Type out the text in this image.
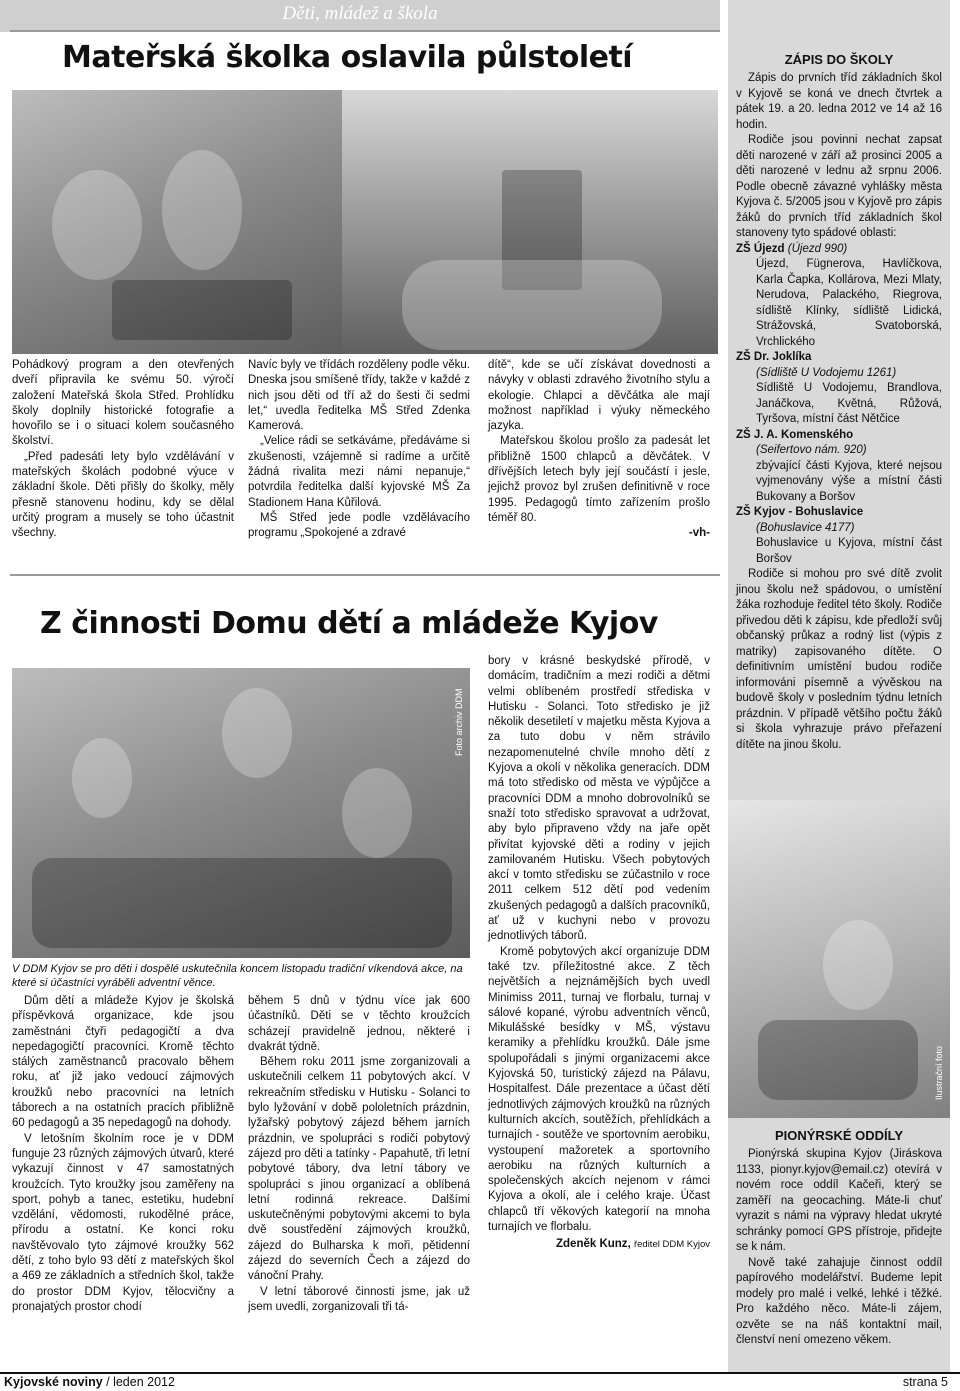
Děti, mládež a škola
Mateřská školka oslavila půlstoletí

Pohádkový program a den otevřených dveří připravila ke svému 50. výročí založení Mateřská škola Střed. Prohlídku školy doplnily historické fotografie a hovořilo se i o situaci kolem současného školství.

„Před padesáti lety bylo vzdělávání v mateřských školách podobné výuce v základní škole. Děti přišly do školky, měly přesně stanovenu hodinu, kdy se dělal určitý program a musely se toho účastnit všechny.

Navíc byly ve třídách rozděleny podle věku. Dneska jsou smíšené třídy, takže v každé z nich jsou děti od tří až do šesti či sedmi let,“ uvedla ředitelka MŠ Střed Zdenka Kamerová.

„Velice rádi se setkáváme, předáváme si zkušenosti, vzájemně si radíme a určitě žádná rivalita mezi námi nepanuje,“ potvrdila ředitelka další kyjovské MŠ Za Stadionem Hana Kůřilová.

MŠ Střed jede podle vzdělávacího programu „Spokojené a zdravé

dítě“, kde se učí získávat dovednosti a návyky v oblasti zdravého životního stylu a ekologie. Chlapci a děvčátka ale mají možnost například i výuky německého jazyka.

Mateřskou školou prošlo za padesát let přibližně 1500 chlapců a děvčátek. V dřívějších letech byly její součástí i jesle, jejichž provoz byl zrušen definitivně v roce 1995. Pedagogů tímto zařízením prošlo téměř 80.

-vh-
Z činnosti Domu dětí a mládeže Kyjov
Foto archiv DDM
V DDM Kyjov se pro děti i dospělé uskutečnila koncem listopadu tradiční víkendová akce, na které si účastníci vyráběli adventní věnce.

Dům dětí a mládeže Kyjov je školská příspěvková organizace, kde jsou zaměstnáni čtyři pedagogičtí a dva nepedagogičtí pracovníci. Kromě těchto stálých zaměstnanců pracovalo během roku, ať již jako vedoucí zájmových kroužků nebo pracovníci na letních táborech a na ostatních pracích přibližně 60 pedagogů a 35 nepedagogů na dohody.

V letošním školním roce je v DDM funguje 23 různých zájmových útvarů, které vykazují činnost v 47 samostatných kroužcích. Tyto kroužky jsou zaměřeny na sport, pohyb a tanec, estetiku, hudební vzdělání, vědomosti, rukodělné práce, přírodu a ostatní. Ke konci roku navštěvovalo tyto zájmové kroužky 562 dětí, z toho bylo 93 dětí z mateřských škol a 469 ze základních a středních škol, takže do prostor DDM Kyjov, tělocvičny a pronajatých prostor chodí

během 5 dnů v týdnu více jak 600 účastníků. Děti se v těchto kroužcích scházejí pravidelně jednou, některé i dvakrát týdně.

Během roku 2011 jsme zorganizovali a uskutečnili celkem 11 pobytových akcí. V rekreačním středisku v Hutisku - Solanci to bylo lyžování v době pololetních prázdnin, lyžařský pobytový zájezd během jarních prázdnin, ve spolupráci s rodiči pobytový zájezd pro děti a tatínky - Papahutě, tři letní pobytové tábory, dva letní tábory ve spolupráci s jinou organizací a oblíbená letní rodinná rekreace. Dalšími uskutečněnými pobytovými akcemi to byla dvě soustředění zájmových kroužků, zájezd do Bulharska k moři, pětidenní zájezd do severních Čech a zájezd do vánoční Prahy.

V letní táborové činnosti jsme, jak už jsem uvedli, zorganizovali tři tá-

bory v krásné beskydské přírodě, v domácím, tradičním a mezi rodiči a dětmi velmi oblíbeném prostředí střediska v Hutisku - Solanci. Toto středisko je již několik desetiletí v majetku města Kyjova a za tuto dobu v něm strávilo nezapomenutelné chvíle mnoho dětí z Kyjova a okolí v několika generacích. DDM má toto středisko od města ve výpůjčce a pracovníci DDM a mnoho dobrovolníků se snaží toto středisko spravovat a udržovat, aby bylo připraveno vždy na jaře opět přivítat kyjovské děti a rodiny v jejich zamilovaném Hutisku. Všech pobytových akcí v tomto středisku se zúčastnilo v roce 2011 celkem 512 dětí pod vedením zkušených pedagogů a dalších pracovníků, ať už v kuchyni nebo v provozu jednotlivých táborů.

Kromě pobytových akcí organizuje DDM také tzv. příležitostné akce. Z těch největších a nejznámějších bych uvedl Minimiss 2011, turnaj ve florbalu, turnaj v sálové kopané, výrobu adventních věnců, Mikulášské besídky v MŠ, výstavu keramiky a přehlídku kroužků. Dále jsme spolupořádali s jinými organizacemi akce Kyjovská 50, turistický zájezd na Pálavu, Hospitalfest. Dále prezentace a účast dětí jednotlivých zájmových kroužků na různých kulturních akcích, soutěžích, přehlídkách a turnajích - soutěže ve sportovním aerobiku, vystoupení mažoretek a sportovního aerobiku na různých kulturních a společenských akcích nejenom v rámci Kyjova a okolí, ale i celého kraje. Účast chlapců tří věkových kategorií na mnoha turnajích ve florbalu.

Zdeněk Kunz, ředitel DDM Kyjov
ZÁPIS DO ŠKOLY

Zápis do prvních tříd základních škol v Kyjově se koná ve dnech čtvrtek a pátek 19. a 20. ledna 2012 ve 14 až 16 hodin.

Rodiče jsou povinni nechat zapsat děti narozené v září až prosinci 2005 a děti narozené v lednu až srpnu 2006. Podle obecně závazné vyhlášky města Kyjova č. 5/2005 jsou v Kyjově pro zápis žáků do prvních tříd základních škol stanoveny tyto spádové oblasti:

ZŠ Újezd (Újezd 990)

Újezd, Fügnerova, Havlíčkova, Karla Čapka, Kollárova, Mezi Mlaty, Nerudova, Palackého, Riegrova, sídliště Klínky, sídliště Lidická, Strážovská, Svatoborská, Vrchlického

ZŠ Dr. Joklíka

(Sídliště U Vodojemu 1261)

Sídliště U Vodojemu, Brandlova, Janáčkova, Květná, Růžová, Tyršova, místní část Nětčice

ZŠ J. A. Komenského

(Seifertovo nám. 920)

zbývající části Kyjova, které nejsou vyjmenovány výše a místní části Bukovany a Boršov

ZŠ Kyjov - Bohuslavice

(Bohuslavice 4177)

Bohuslavice u Kyjova, místní část Boršov

Rodiče si mohou pro své dítě zvolit jinou školu než spádovou, o umístění žáka rozhoduje ředitel této školy. Rodiče přivedou děti k zápisu, kde předloží svůj občanský průkaz a rodný list (výpis z matriky) zapisovaného dítěte. O definitivním umístění budou rodiče informováni písemně a vývěskou na budově školy v posledním týdnu letních prázdnin. V případě většího počtu žáků si škola vyhrazuje právo přeřazení dítěte na jinou školu.

Ilustrační foto
PIONÝRSKÉ ODDÍLY

Pionýrská skupina Kyjov (Jiráskova 1133, pionyr.kyjov@email.cz) otevírá v novém roce oddíl Kačeři, který se zaměří na geocaching. Máte-li chuť vyrazit s námi na výpravy hledat ukryté schránky pomocí GPS přístroje, přidejte se k nám.

Nově také zahajuje činnost oddíl papírového modelářství. Budeme lepit modely pro malé i velké, lehké i těžké. Pro každého něco. Máte-li zájem, ozvěte se na náš kontaktní mail, členství není omezeno věkem.

Kyjovské noviny / leden 2012	strana 5
